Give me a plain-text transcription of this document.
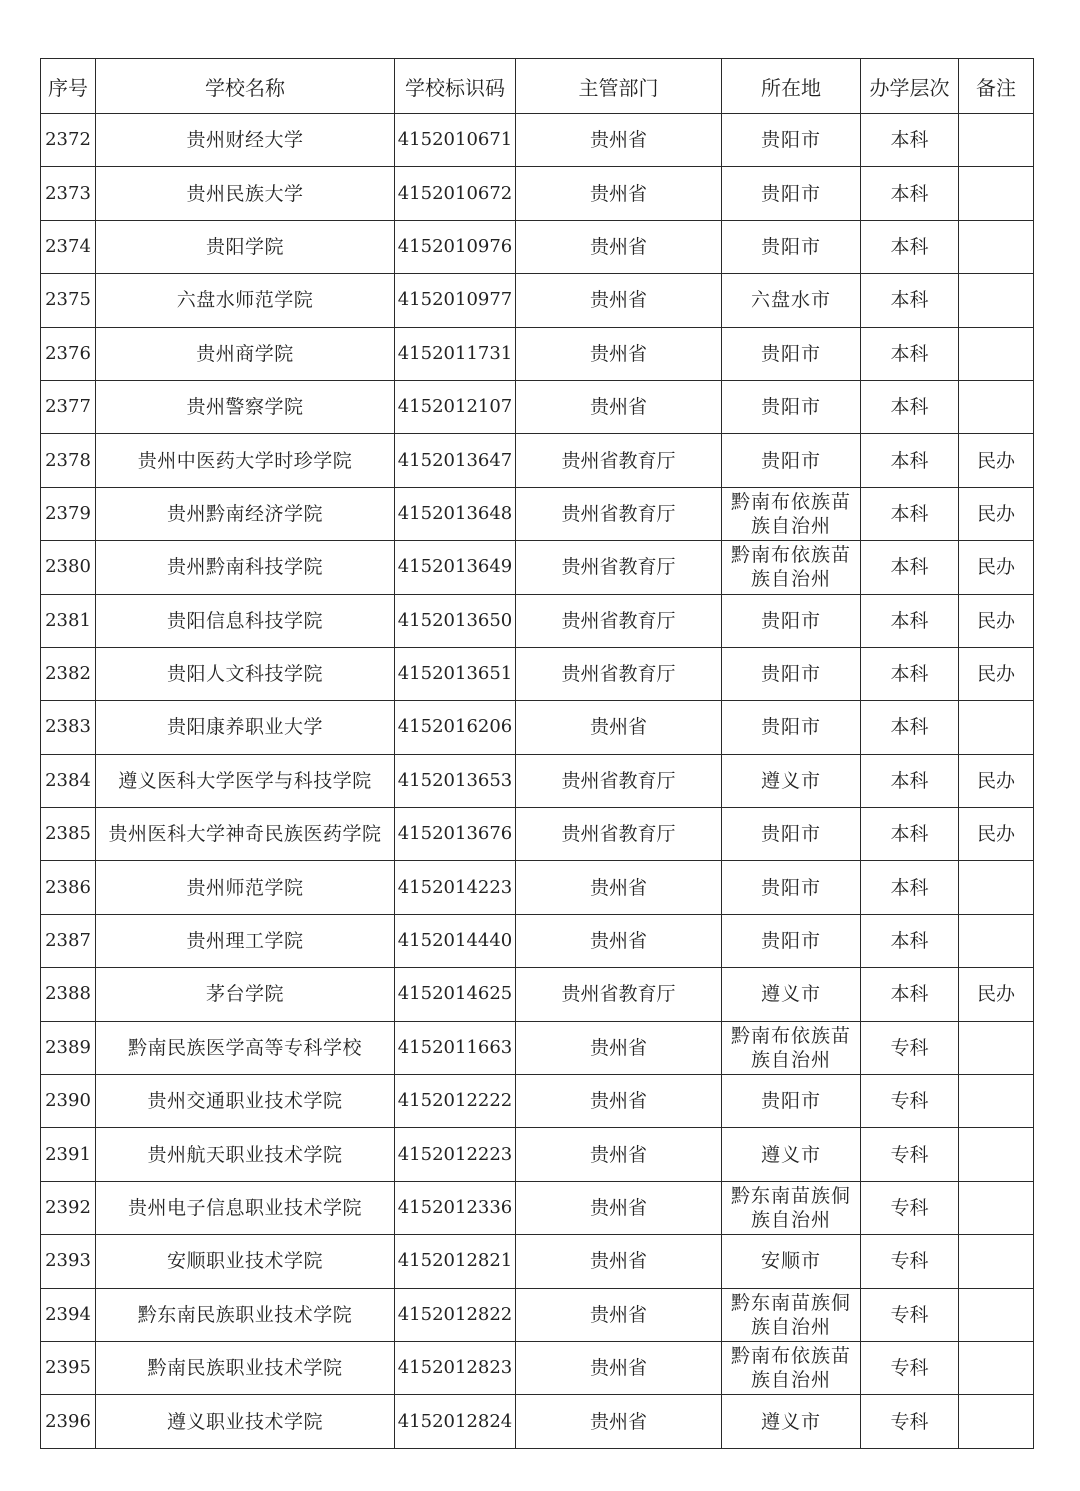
序号	学校名称	学校标识码	主管部门	所在地	办学层次	备注
2372	贵州财经大学	4152010671	贵州省	贵阳市	本科	
2373	贵州民族大学	4152010672	贵州省	贵阳市	本科	
2374	贵阳学院	4152010976	贵州省	贵阳市	本科	
2375	六盘水师范学院	4152010977	贵州省	六盘水市	本科	
2376	贵州商学院	4152011731	贵州省	贵阳市	本科	
2377	贵州警察学院	4152012107	贵州省	贵阳市	本科	
2378	贵州中医药大学时珍学院	4152013647	贵州省教育厅	贵阳市	本科	民办
2379	贵州黔南经济学院	4152013648	贵州省教育厅	黔南布依族苗族自治州	本科	民办
2380	贵州黔南科技学院	4152013649	贵州省教育厅	黔南布依族苗族自治州	本科	民办
2381	贵阳信息科技学院	4152013650	贵州省教育厅	贵阳市	本科	民办
2382	贵阳人文科技学院	4152013651	贵州省教育厅	贵阳市	本科	民办
2383	贵阳康养职业大学	4152016206	贵州省	贵阳市	本科	
2384	遵义医科大学医学与科技学院	4152013653	贵州省教育厅	遵义市	本科	民办
2385	贵州医科大学神奇民族医药学院	4152013676	贵州省教育厅	贵阳市	本科	民办
2386	贵州师范学院	4152014223	贵州省	贵阳市	本科	
2387	贵州理工学院	4152014440	贵州省	贵阳市	本科	
2388	茅台学院	4152014625	贵州省教育厅	遵义市	本科	民办
2389	黔南民族医学高等专科学校	4152011663	贵州省	黔南布依族苗族自治州	专科	
2390	贵州交通职业技术学院	4152012222	贵州省	贵阳市	专科	
2391	贵州航天职业技术学院	4152012223	贵州省	遵义市	专科	
2392	贵州电子信息职业技术学院	4152012336	贵州省	黔东南苗族侗族自治州	专科	
2393	安顺职业技术学院	4152012821	贵州省	安顺市	专科	
2394	黔东南民族职业技术学院	4152012822	贵州省	黔东南苗族侗族自治州	专科	
2395	黔南民族职业技术学院	4152012823	贵州省	黔南布依族苗族自治州	专科	
2396	遵义职业技术学院	4152012824	贵州省	遵义市	专科	
